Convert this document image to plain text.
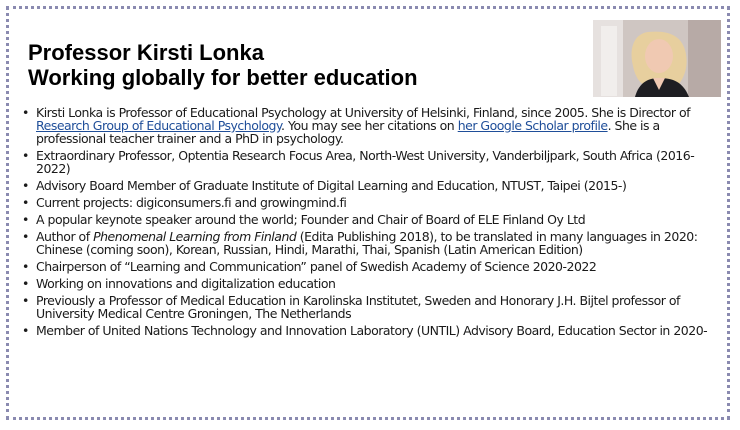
Professor Kirsti Lonka
Working globally for better education
• Kirsti Lonka is Professor of Educational Psychology at University of Helsinki, Finland, since 2005. She is Director of Research Group of Educational Psychology. You may see her citations on her Google Scholar profile. She is a professional teacher trainer and a PhD in psychology.
• Extraordinary Professor, Optentia Research Focus Area, North-West University, Vanderbiljpark, South Africa (2016-2022)
• Advisory Board Member of Graduate Institute of Digital Learning and Education, NTUST, Taipei (2015-)
• Current projects: digiconsumers.fi and growingmind.fi
• A popular keynote speaker around the world; Founder and Chair of Board of ELE Finland Oy Ltd
• Author of Phenomenal Learning from Finland (Edita Publishing 2018), to be translated in many languages in 2020: Chinese (coming soon), Korean, Russian, Hindi, Marathi, Thai, Spanish (Latin American Edition)
• Chairperson of “Learning and Communication” panel of Swedish Academy of Science 2020-2022
• Working on innovations and digitalization education
• Previously a Professor of Medical Education in Karolinska Institutet, Sweden and Honorary J.H. Bijtel professor of University Medical Centre Groningen, The Netherlands
• Member of United Nations Technology and Innovation Laboratory (UNTIL) Advisory Board, Education Sector in 2020-
